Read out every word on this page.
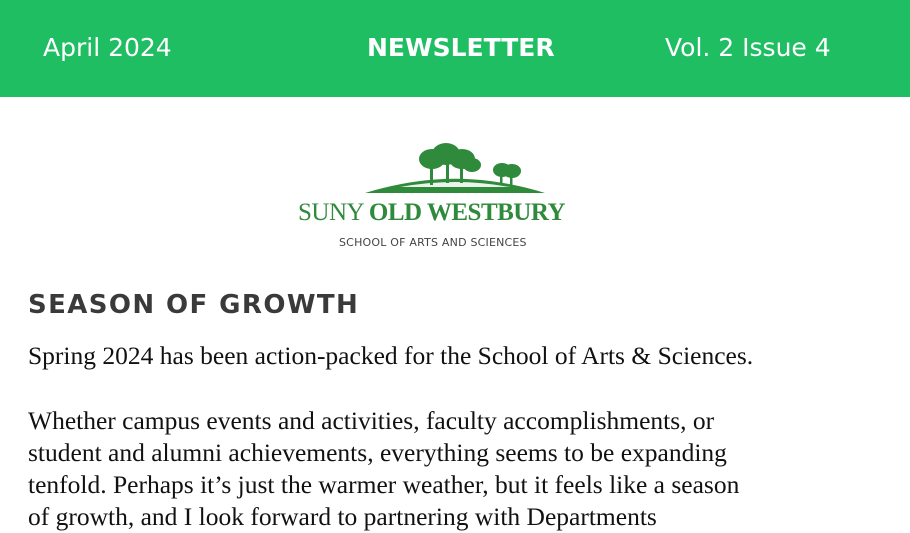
April 2024	NEWSLETTER	Vol. 2 Issue 4
SUNY OLD WESTBURY
SCHOOL OF ARTS AND SCIENCES
SEASON OF GROWTH

Spring 2024 has been action-packed for the School of Arts & Sciences.

Whether campus events and activities, faculty accomplishments, or
student and alumni achievements, everything seems to be expanding
tenfold. Perhaps it’s just the warmer weather, but it feels like a season
of growth, and I look forward to partnering with Departments
